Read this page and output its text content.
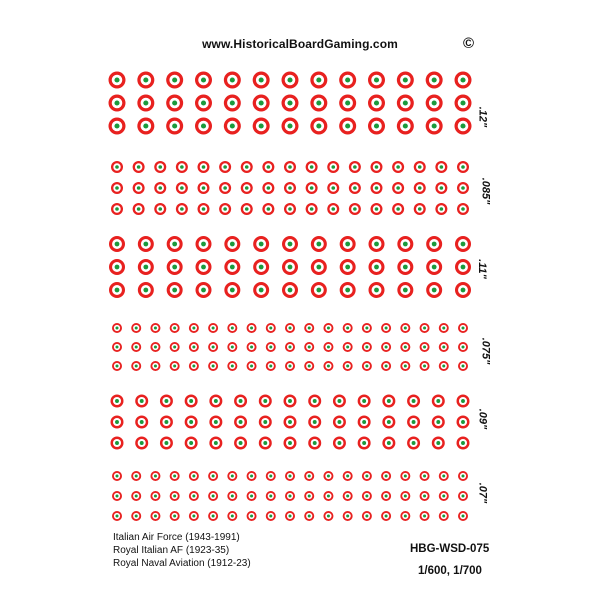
www.HistoricalBoardGaming.com	©
.12"
.085"
.11"
.075"
.09"
.07"
Italian Air Force (1943-1991)
Royal Italian AF (1923-35)
Royal Naval Aviation (1912-23)
HBG-WSD-075
1/600, 1/700
